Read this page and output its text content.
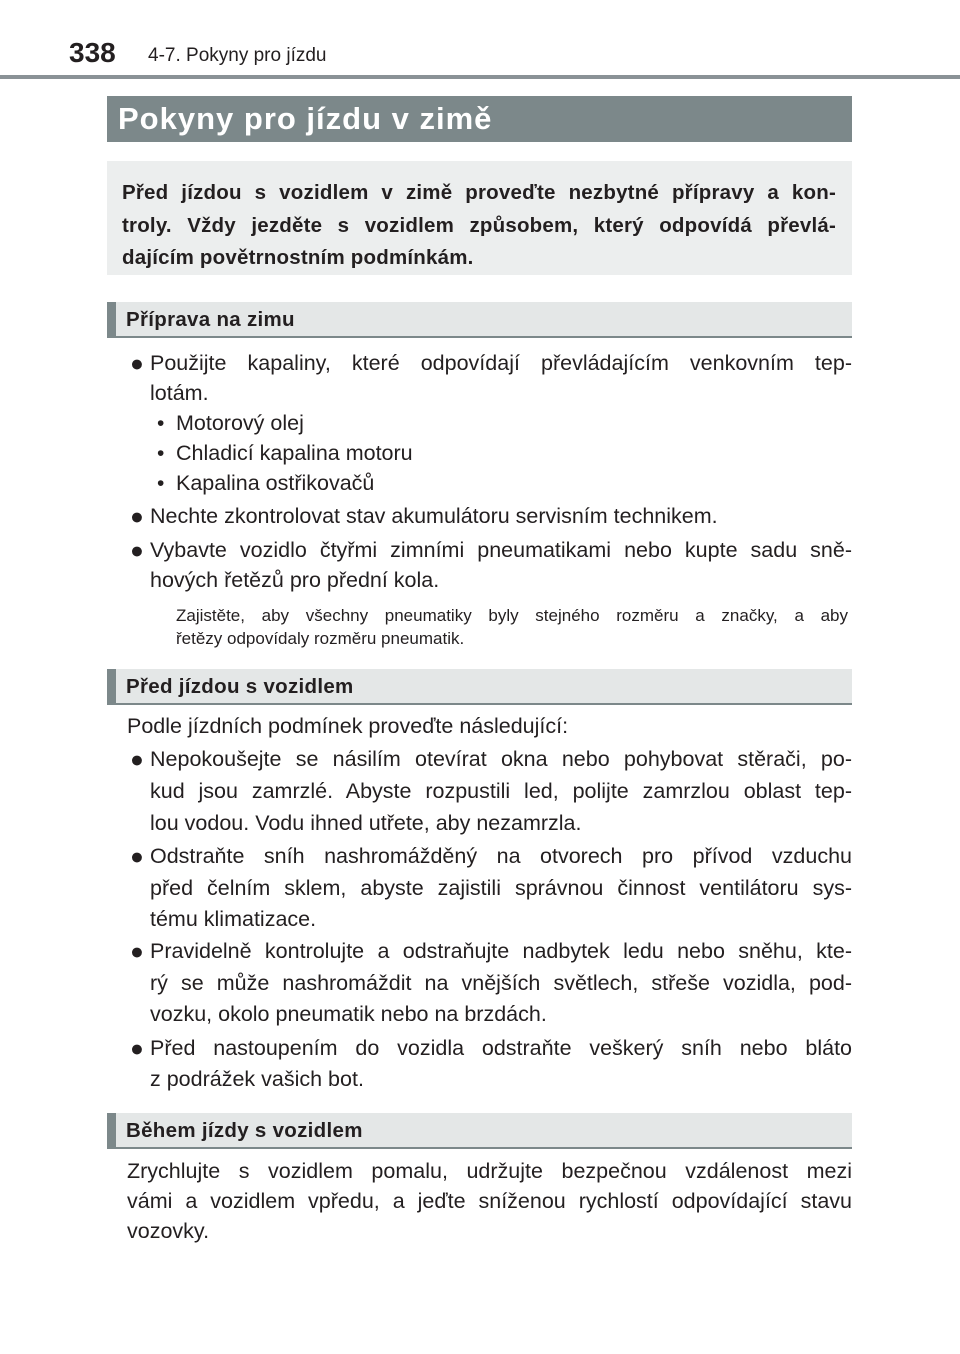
338 4-7. Pokyny pro jízdu
Pokyny pro jízdu v zimě
Před jízdou s vozidlem v zimě proveďte nezbytné přípravy a kon-
troly. Vždy jezděte s vozidlem způsobem, který odpovídá převlá-
dajícím povětrnostním podmínkám.
Příprava na zimu
● Použijte kapaliny, které odpovídají převládajícím venkovním tep-
lotám.
• Motorový olej
• Chladicí kapalina motoru
• Kapalina ostřikovačů
● Nechte zkontrolovat stav akumulátoru servisním technikem.
● Vybavte vozidlo čtyřmi zimními pneumatikami nebo kupte sadu sně-
hových řetězů pro přední kola.
Zajistěte, aby všechny pneumatiky byly stejného rozměru a značky, a aby
řetězy odpovídaly rozměru pneumatik.
Před jízdou s vozidlem
Podle jízdních podmínek proveďte následující:
● Nepokoušejte se násilím otevírat okna nebo pohybovat stěrači, po-
kud jsou zamrzlé. Abyste rozpustili led, polijte zamrzlou oblast tep-
lou vodou. Vodu ihned utřete, aby nezamrzla.
● Odstraňte sníh nashromážděný na otvorech pro přívod vzduchu
před čelním sklem, abyste zajistili správnou činnost ventilátoru sys-
tému klimatizace.
● Pravidelně kontrolujte a odstraňujte nadbytek ledu nebo sněhu, kte-
rý se může nashromáždit na vnějších světlech, střeše vozidla, pod-
vozku, okolo pneumatik nebo na brzdách.
● Před nastoupením do vozidla odstraňte veškerý sníh nebo bláto
z podrážek vašich bot.
Během jízdy s vozidlem
Zrychlujte s vozidlem pomalu, udržujte bezpečnou vzdálenost mezi
vámi a vozidlem vpředu, a jeďte sníženou rychlostí odpovídající stavu
vozovky.
